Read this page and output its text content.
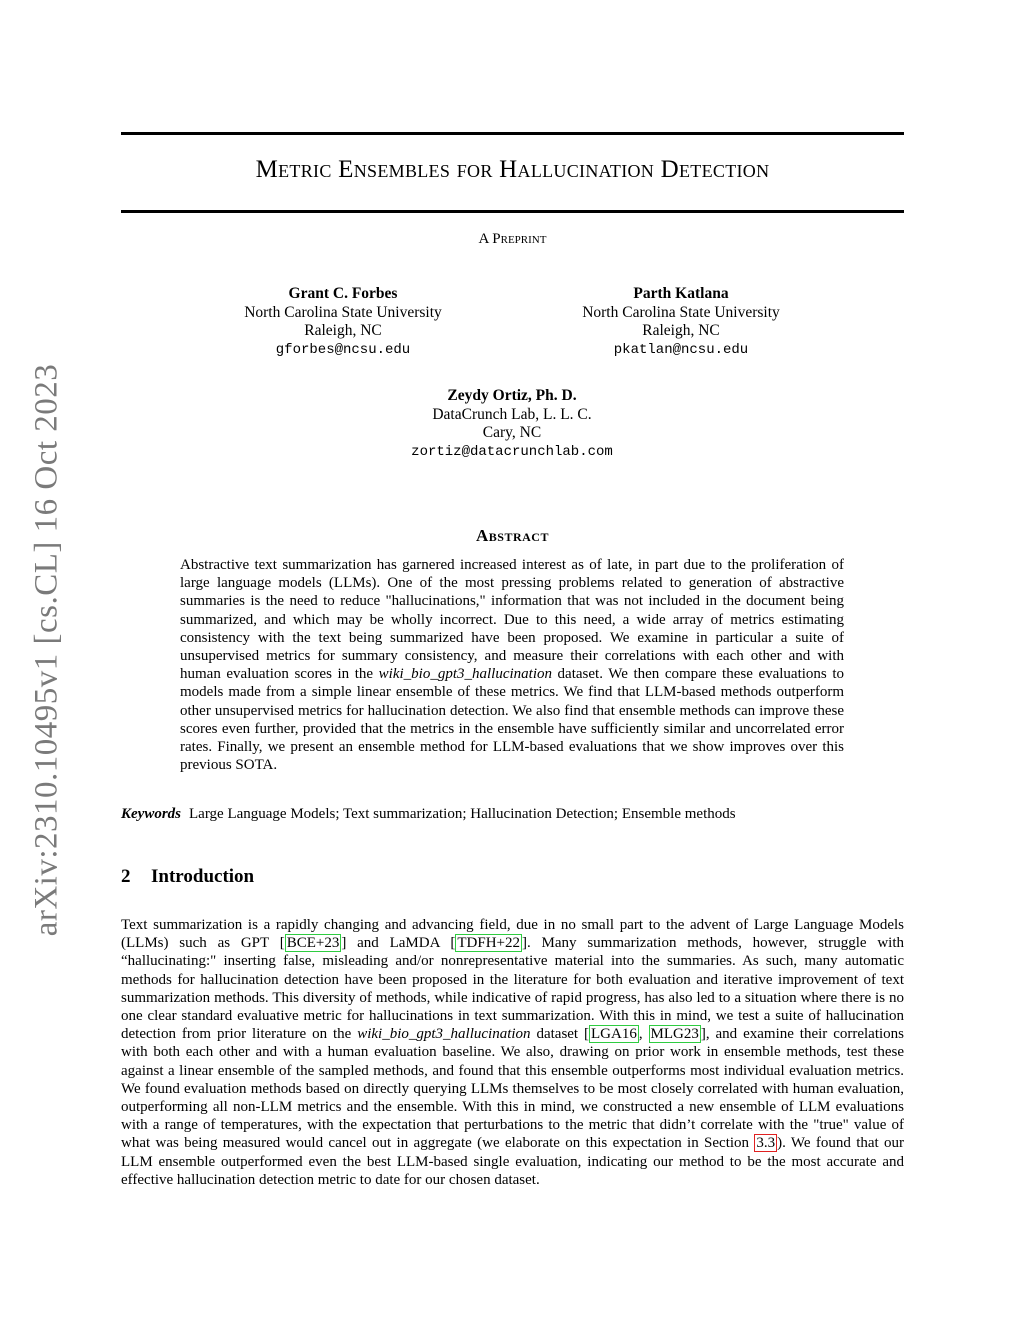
arXiv:2310.10495v1 [cs.CL] 16 Oct 2023
Metric Ensembles for Hallucination Detection
A Preprint
Grant C. Forbes
North Carolina State University
Raleigh, NC
gforbes@ncsu.edu
Parth Katlana
North Carolina State University
Raleigh, NC
pkatlan@ncsu.edu
Zeydy Ortiz, Ph. D.
DataCrunch Lab, L. L. C.
Cary, NC
zortiz@datacrunchlab.com
Abstract

Abstractive text summarization has garnered increased interest as of late, in part due to the proliferation of large language models (LLMs). One of the most pressing problems related to generation of abstractive summaries is the need to reduce "hallucinations," information that was not included in the document being summarized, and which may be wholly incorrect. Due to this need, a wide array of metrics estimating consistency with the text being summarized have been proposed. We examine in particular a suite of unsupervised metrics for summary consistency, and measure their correlations with each other and with human evaluation scores in the wiki_bio_gpt3_hallucination dataset. We then compare these evaluations to models made from a simple linear ensemble of these metrics. We find that LLM-based methods outperform other unsupervised metrics for hallucination detection. We also find that ensemble methods can improve these scores even further, provided that the metrics in the ensemble have sufficiently similar and uncorrelated error rates. Finally, we present an ensemble method for LLM-based evaluations that we show improves over this previous SOTA.

Keywords Large Language Models; Text summarization; Hallucination Detection; Ensemble methods
2 Introduction

Text summarization is a rapidly changing and advancing field, due in no small part to the advent of Large Language Models (LLMs) such as GPT [ BCE+23 ] and LaMDA [ TDFH+22 ]. Many summarization methods, however, struggle with “hallucinating:" inserting false, misleading and/or nonrepresentative material into the summaries. As such, many automatic methods for hallucination detection have been proposed in the literature for both evaluation and iterative improvement of text summarization methods. This diversity of methods, while indicative of rapid progress, has also led to a situation where there is no one clear standard evaluative metric for hallucinations in text summarization. With this in mind, we test a suite of hallucination detection from prior literature on the wiki_bio_gpt3_hallucination dataset [ LGA16 , MLG23 ], and examine their correlations with both each other and with a human evaluation baseline. We also, drawing on prior work in ensemble methods, test these against a linear ensemble of the sampled methods, and found that this ensemble outperforms most individual evaluation metrics. We found evaluation methods based on directly querying LLMs themselves to be most closely correlated with human evaluation, outperforming all non-LLM metrics and the ensemble. With this in mind, we constructed a new ensemble of LLM evaluations with a range of temperatures, with the expectation that perturbations to the metric that didn’t correlate with the "true" value of what was being measured would cancel out in aggregate (we elaborate on this expectation in Section 3.3 ). We found that our LLM ensemble outperformed even the best LLM-based single evaluation, indicating our method to be the most accurate and effective hallucination detection metric to date for our chosen dataset.
